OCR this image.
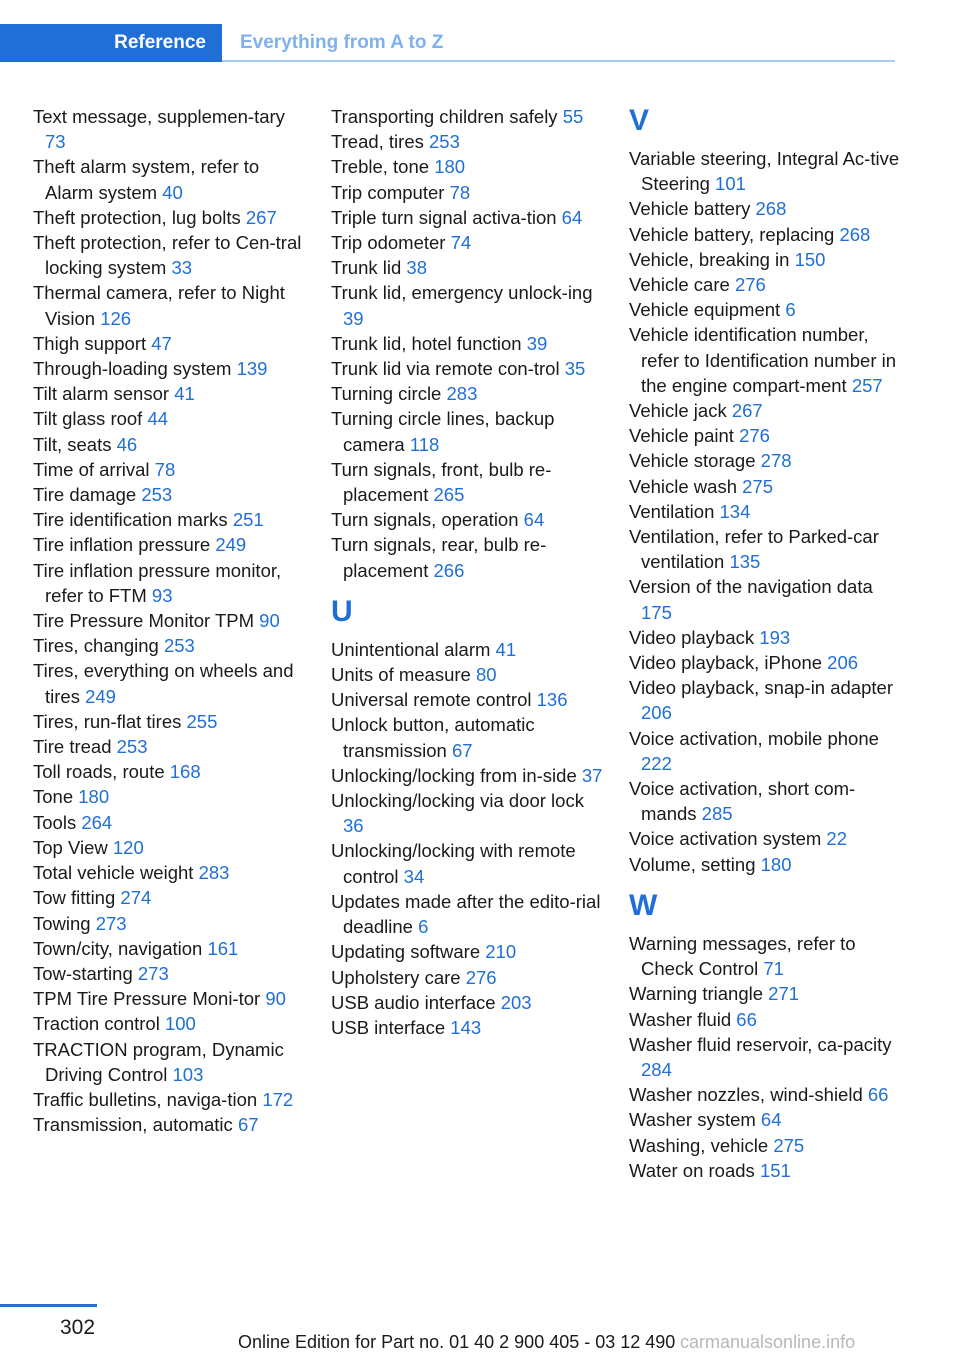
Reference	Everything from A to Z
Text message, supplemen-tary 73
Theft alarm system, refer to Alarm system 40
Theft protection, lug bolts 267
Theft protection, refer to Cen-tral locking system 33
Thermal camera, refer to Night Vision 126
Thigh support 47
Through-loading system 139
Tilt alarm sensor 41
Tilt glass roof 44
Tilt, seats 46
Time of arrival 78
Tire damage 253
Tire identification marks 251
Tire inflation pressure 249
Tire inflation pressure monitor, refer to FTM 93
Tire Pressure Monitor TPM 90
Tires, changing 253
Tires, everything on wheels and tires 249
Tires, run-flat tires 255
Tire tread 253
Toll roads, route 168
Tone 180
Tools 264
Top View 120
Total vehicle weight 283
Tow fitting 274
Towing 273
Town/city, navigation 161
Tow-starting 273
TPM Tire Pressure Moni-tor 90
Traction control 100
TRACTION program, Dynamic Driving Control 103
Traffic bulletins, naviga-tion 172
Transmission, automatic 67
Transporting children safely 55
Tread, tires 253
Treble, tone 180
Trip computer 78
Triple turn signal activa-tion 64
Trip odometer 74
Trunk lid 38
Trunk lid, emergency unlock-ing 39
Trunk lid, hotel function 39
Trunk lid via remote con-trol 35
Turning circle 283
Turning circle lines, backup camera 118
Turn signals, front, bulb re-placement 265
Turn signals, operation 64
Turn signals, rear, bulb re-placement 266
U
Unintentional alarm 41
Units of measure 80
Universal remote control 136
Unlock button, automatic transmission 67
Unlocking/locking from in-side 37
Unlocking/locking via door lock 36
Unlocking/locking with remote control 34
Updates made after the edito-rial deadline 6
Updating software 210
Upholstery care 276
USB audio interface 203
USB interface 143
V
Variable steering, Integral Ac-tive Steering 101
Vehicle battery 268
Vehicle battery, replacing 268
Vehicle, breaking in 150
Vehicle care 276
Vehicle equipment 6
Vehicle identification number, refer to Identification number in the engine compart-ment 257
Vehicle jack 267
Vehicle paint 276
Vehicle storage 278
Vehicle wash 275
Ventilation 134
Ventilation, refer to Parked-car ventilation 135
Version of the navigation data 175
Video playback 193
Video playback, iPhone 206
Video playback, snap-in adapter 206
Voice activation, mobile phone 222
Voice activation, short com-mands 285
Voice activation system 22
Volume, setting 180
W
Warning messages, refer to Check Control 71
Warning triangle 271
Washer fluid 66
Washer fluid reservoir, ca-pacity 284
Washer nozzles, wind-shield 66
Washer system 64
Washing, vehicle 275
Water on roads 151
302
Online Edition for Part no. 01 40 2 900 405 - 03 12 490 carmanualsonline.info
